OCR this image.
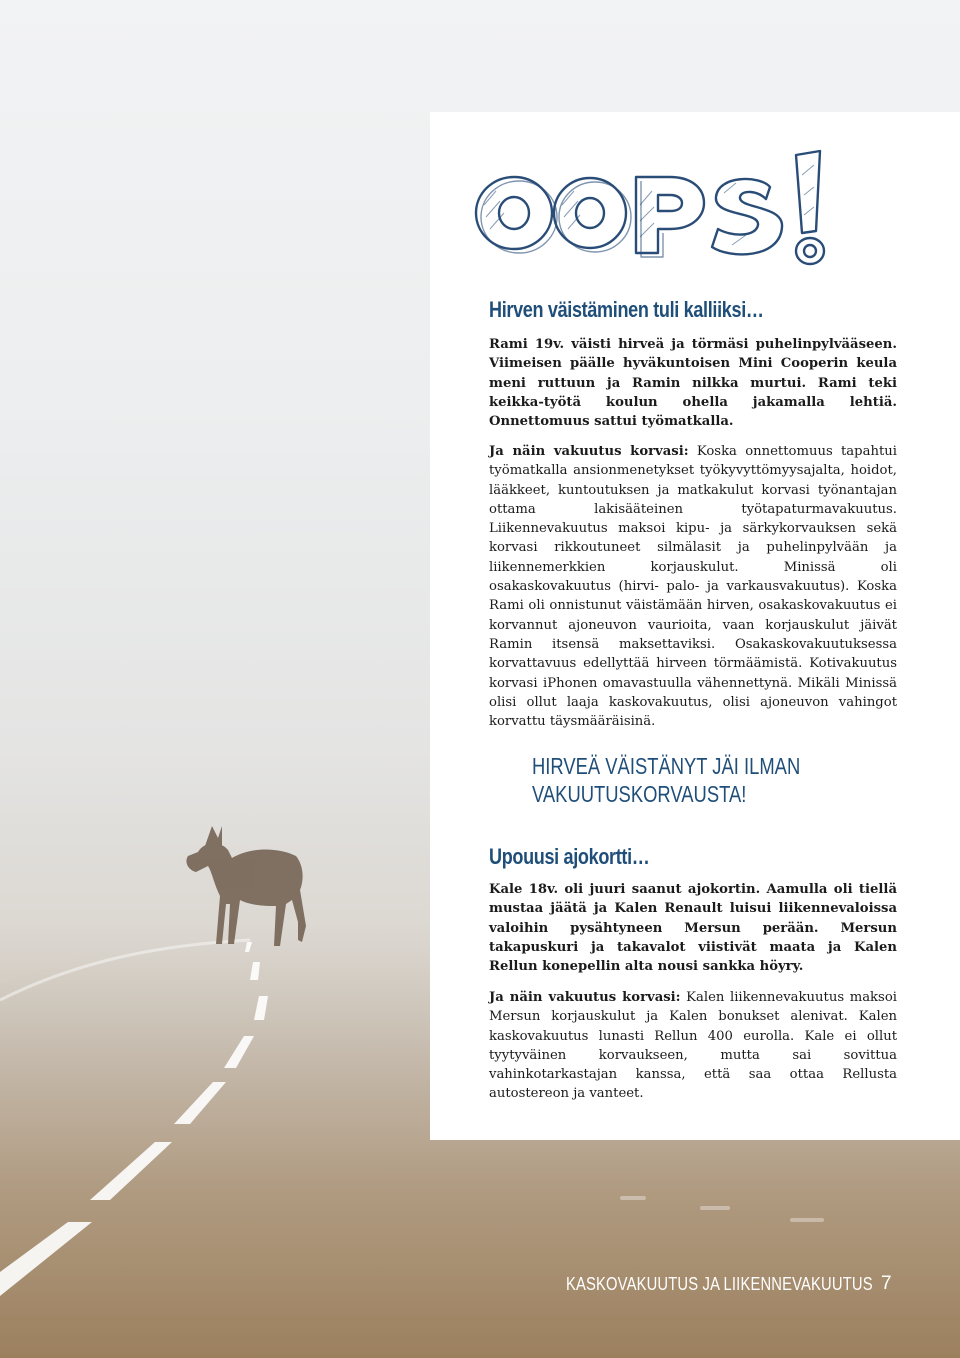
OOPS!
Hirven väistäminen tuli kalliiksi…

Rami 19v. väisti hirveä ja törmäsi puhelinpylvääseen. Viimeisen päälle hyväkuntoisen Mini Cooperin keula meni ruttuun ja Ramin nilkka murtui. Rami teki keikka-työtä koulun ohella jakamalla lehtiä. Onnettomuus sattui työmatkalla.

Ja näin vakuutus korvasi: Koska onnettomuus tapahtui työmatkalla ansionmenetykset työkyvyttömyysajalta, hoidot, lääkkeet, kuntoutuksen ja matkakulut korvasi työnantajan ottama lakisääteinen työtapaturmavakuutus. Liikennevakuutus maksoi kipu- ja särkykorvauksen sekä korvasi rikkoutuneet silmälasit ja puhelinpylvään ja liikennemerkkien korjauskulut. Minissä oli osakaskovakuutus (hirvi- palo- ja varkausvakuutus). Koska Rami oli onnistunut väistämään hirven, osakaskovakuutus ei korvannut ajoneuvon vaurioita, vaan korjauskulut jäivät Ramin itsensä maksettaviksi. Osakaskovakuutuksessa korvattavuus edellyttää hirveen törmäämistä. Kotivakuutus korvasi iPhonen omavastuulla vähennettynä. Mikäli Minissä olisi ollut laaja kaskovakuutus, olisi ajoneuvon vahingot korvattu täysmääräisinä.

HIRVEÄ VÄISTÄNYT JÄI ILMAN
VAKUUTUSKORVAUSTA!
Upouusi ajokortti…

Kale 18v. oli juuri saanut ajokortin. Aamulla oli tiellä mustaa jäätä ja Kalen Renault luisui liikennevaloissa valoihin pysähtyneen Mersun perään. Mersun takapuskuri ja takavalot viistivät maata ja Kalen Rellun konepellin alta nousi sankka höyry.

Ja näin vakuutus korvasi: Kalen liikennevakuutus maksoi Mersun korjauskulut ja Kalen bonukset alenivat. Kalen kaskovakuutus lunasti Rellun 400 eurolla. Kale ei ollut tyytyväinen korvaukseen, mutta sai sovittua vahinkotarkastajan kanssa, että saa ottaa Rellusta autostereon ja vanteet.

KASKOVAKUUTUS JA LIIKENNEVAKUUTUS 7
